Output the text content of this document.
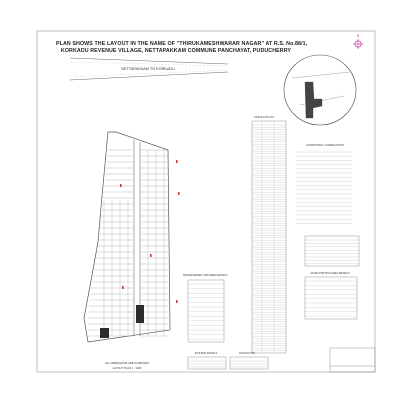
N
NETTAPAKKAM TO KORKADU
UNSOLD PLOTS
CONDITIONS / CONNECTIONS
ROAD PORTION AREA DETAILS
TRANSFORMER YARD AREA DETAILS
EXISTING DETAILS	SOLD PLOTS
ALL DIMENSIONS ARE IN METERS
LAYOUT PLAN 1 : 1000
PLAN SHOWS THE LAYOUT IN THE NAME OF "THIRUKAMESHWARAR NAGAR" AT R.S. No.88/1,
KORKADU REVENUE VILLAGE, NETTAPAKKAM COMMUNE PANCHAYAT, PUDUCHERRY
